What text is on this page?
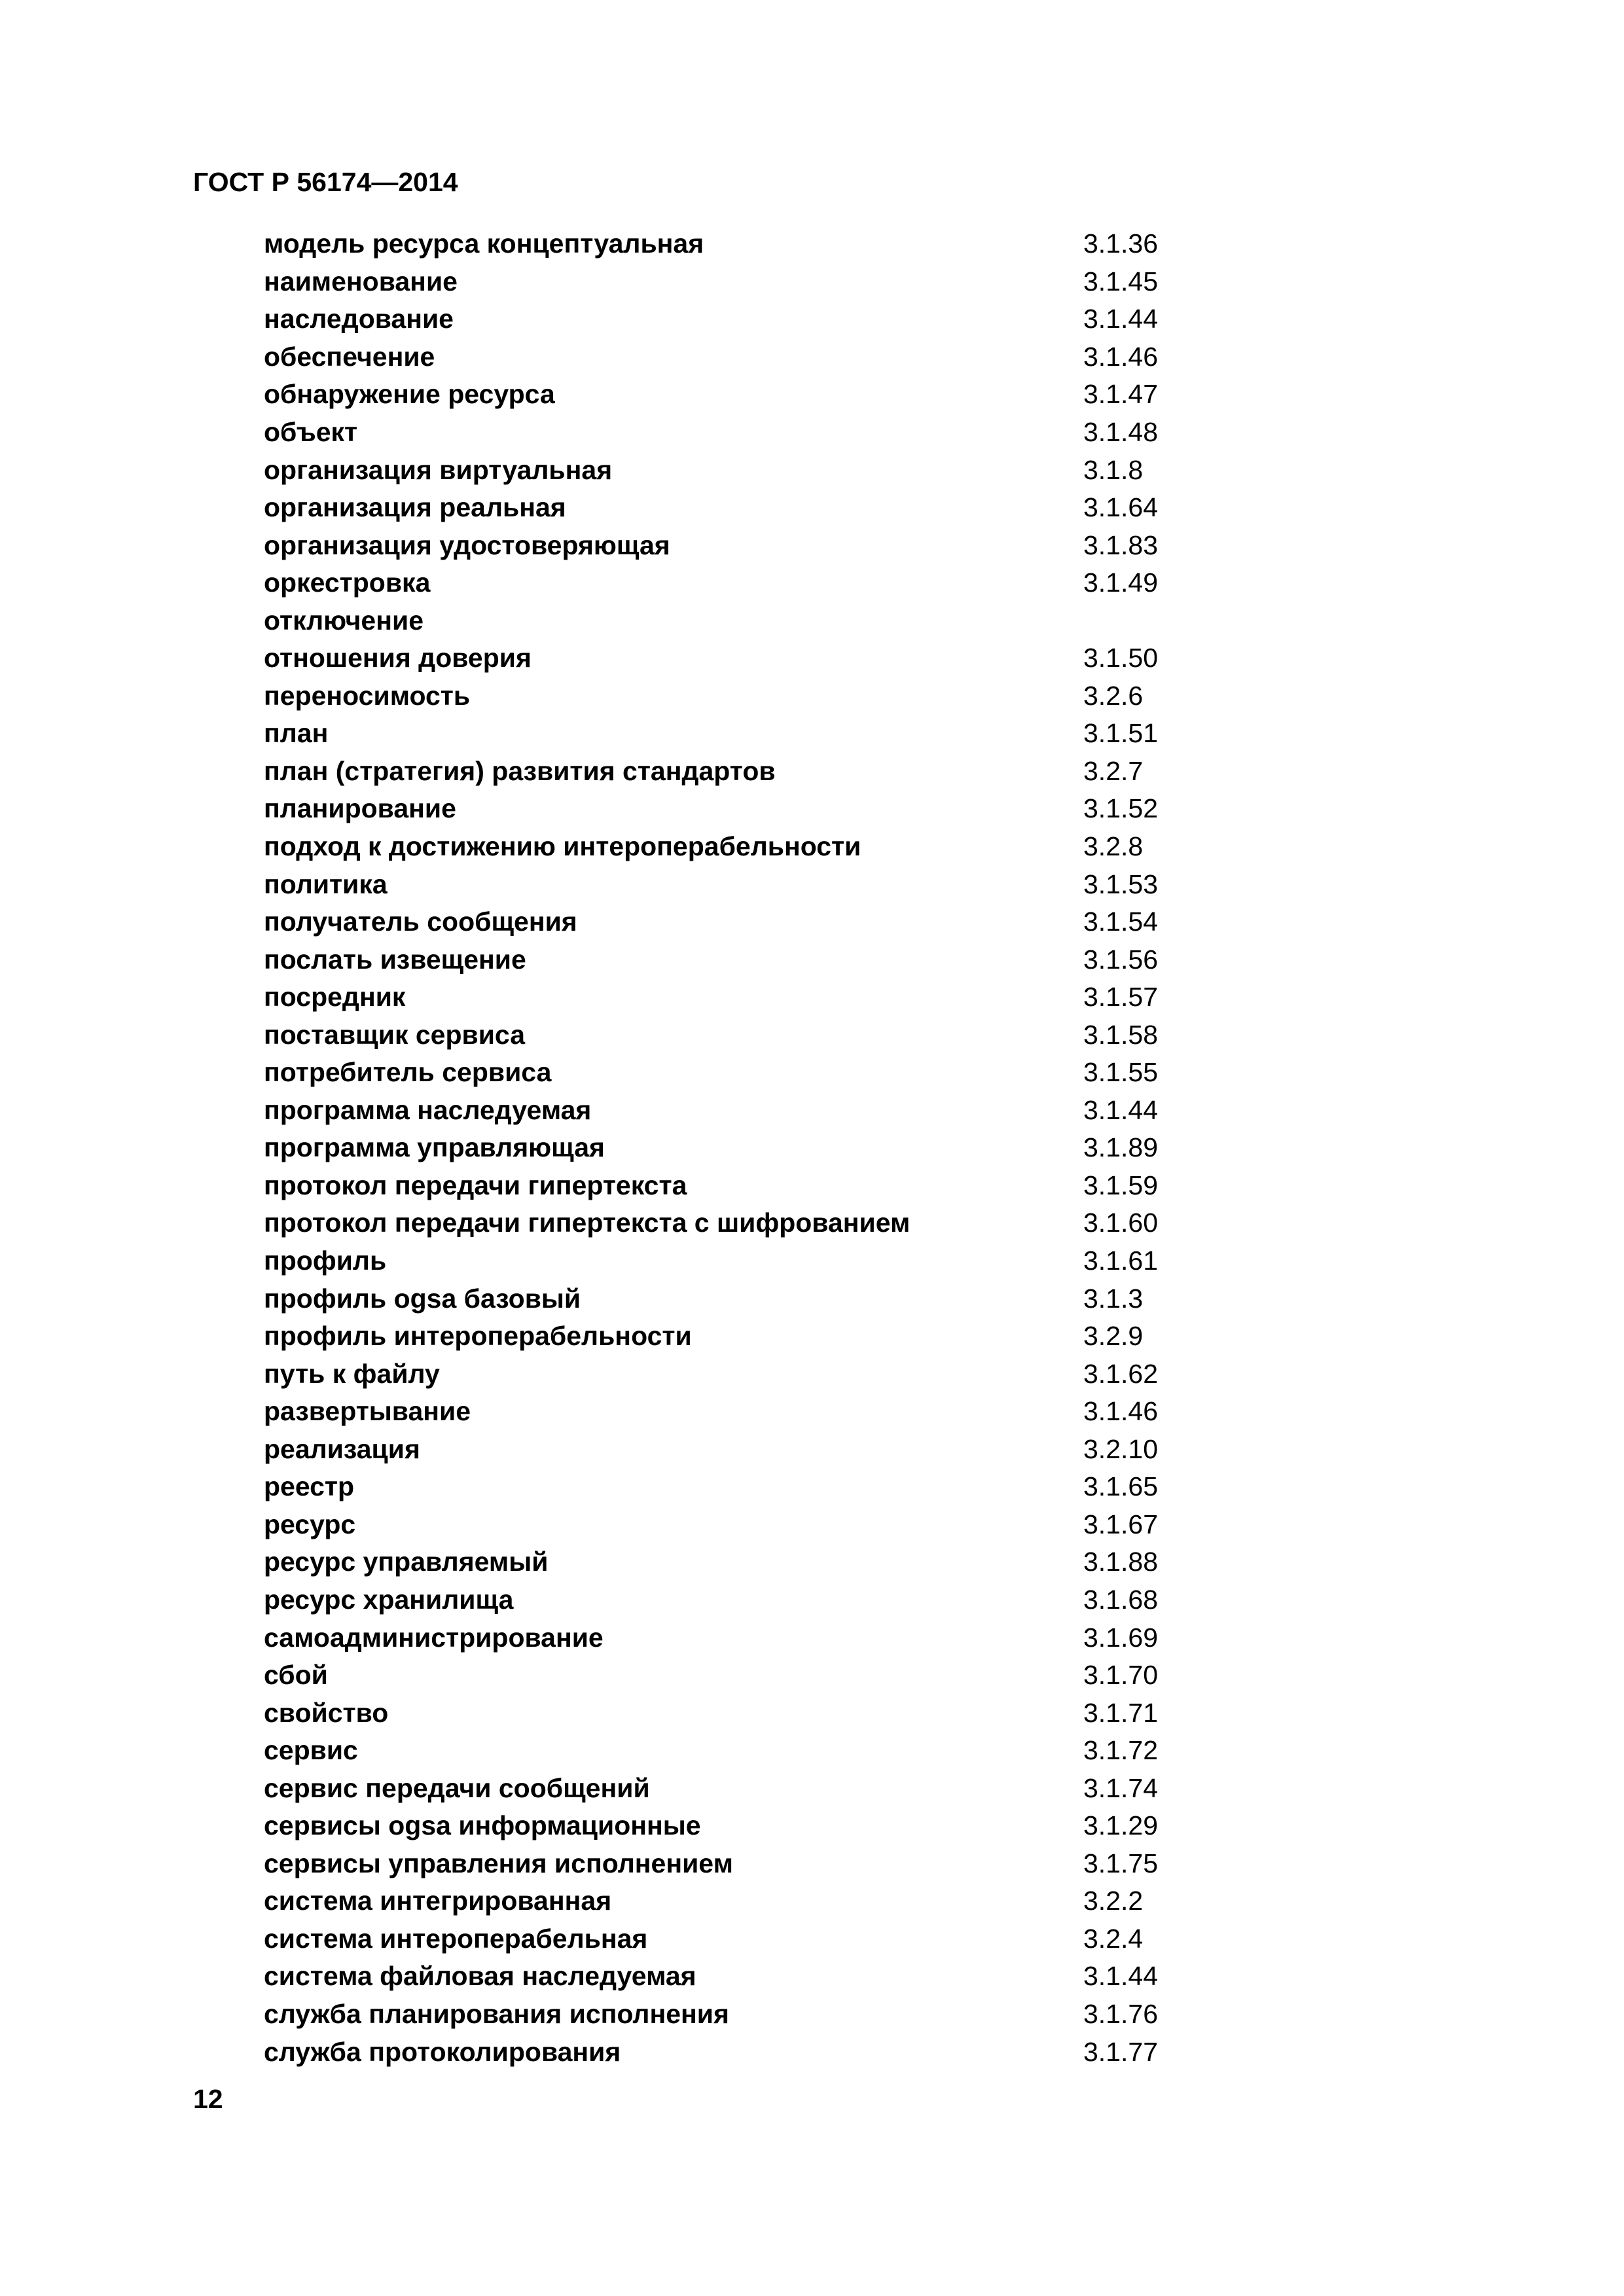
ГОСТ Р 56174—2014
модель ресурса концептуальная	3.1.36
наименование	3.1.45
наследование	3.1.44
обеспечение	3.1.46
обнаружение ресурса	3.1.47
объект	3.1.48
организация виртуальная	3.1.8
организация реальная	3.1.64
организация удостоверяющая	3.1.83
оркестровка	3.1.49
отключение
отношения доверия	3.1.50
переносимость	3.2.6
план	3.1.51
план (стратегия) развития стандартов	3.2.7
планирование	3.1.52
подход к достижению интероперабельности	3.2.8
политика	3.1.53
получатель сообщения	3.1.54
послать извещение	3.1.56
посредник	3.1.57
поставщик сервиса	3.1.58
потребитель сервиса	3.1.55
программа наследуемая	3.1.44
программа управляющая	3.1.89
протокол передачи гипертекста	3.1.59
протокол передачи гипертекста с шифрованием	3.1.60
профиль	3.1.61
профиль ogsa базовый	3.1.3
профиль интероперабельности	3.2.9
путь к файлу	3.1.62
развертывание	3.1.46
реализация	3.2.10
реестр	3.1.65
ресурс	3.1.67
ресурс управляемый	3.1.88
ресурс хранилища	3.1.68
самоадминистрирование	3.1.69
сбой	3.1.70
свойство	3.1.71
сервис	3.1.72
сервис передачи сообщений	3.1.74
сервисы ogsa информационные	3.1.29
сервисы управления исполнением	3.1.75
система интегрированная	3.2.2
система интероперабельная	3.2.4
система файловая наследуемая	3.1.44
служба планирования исполнения	3.1.76
служба протоколирования	3.1.77
12
